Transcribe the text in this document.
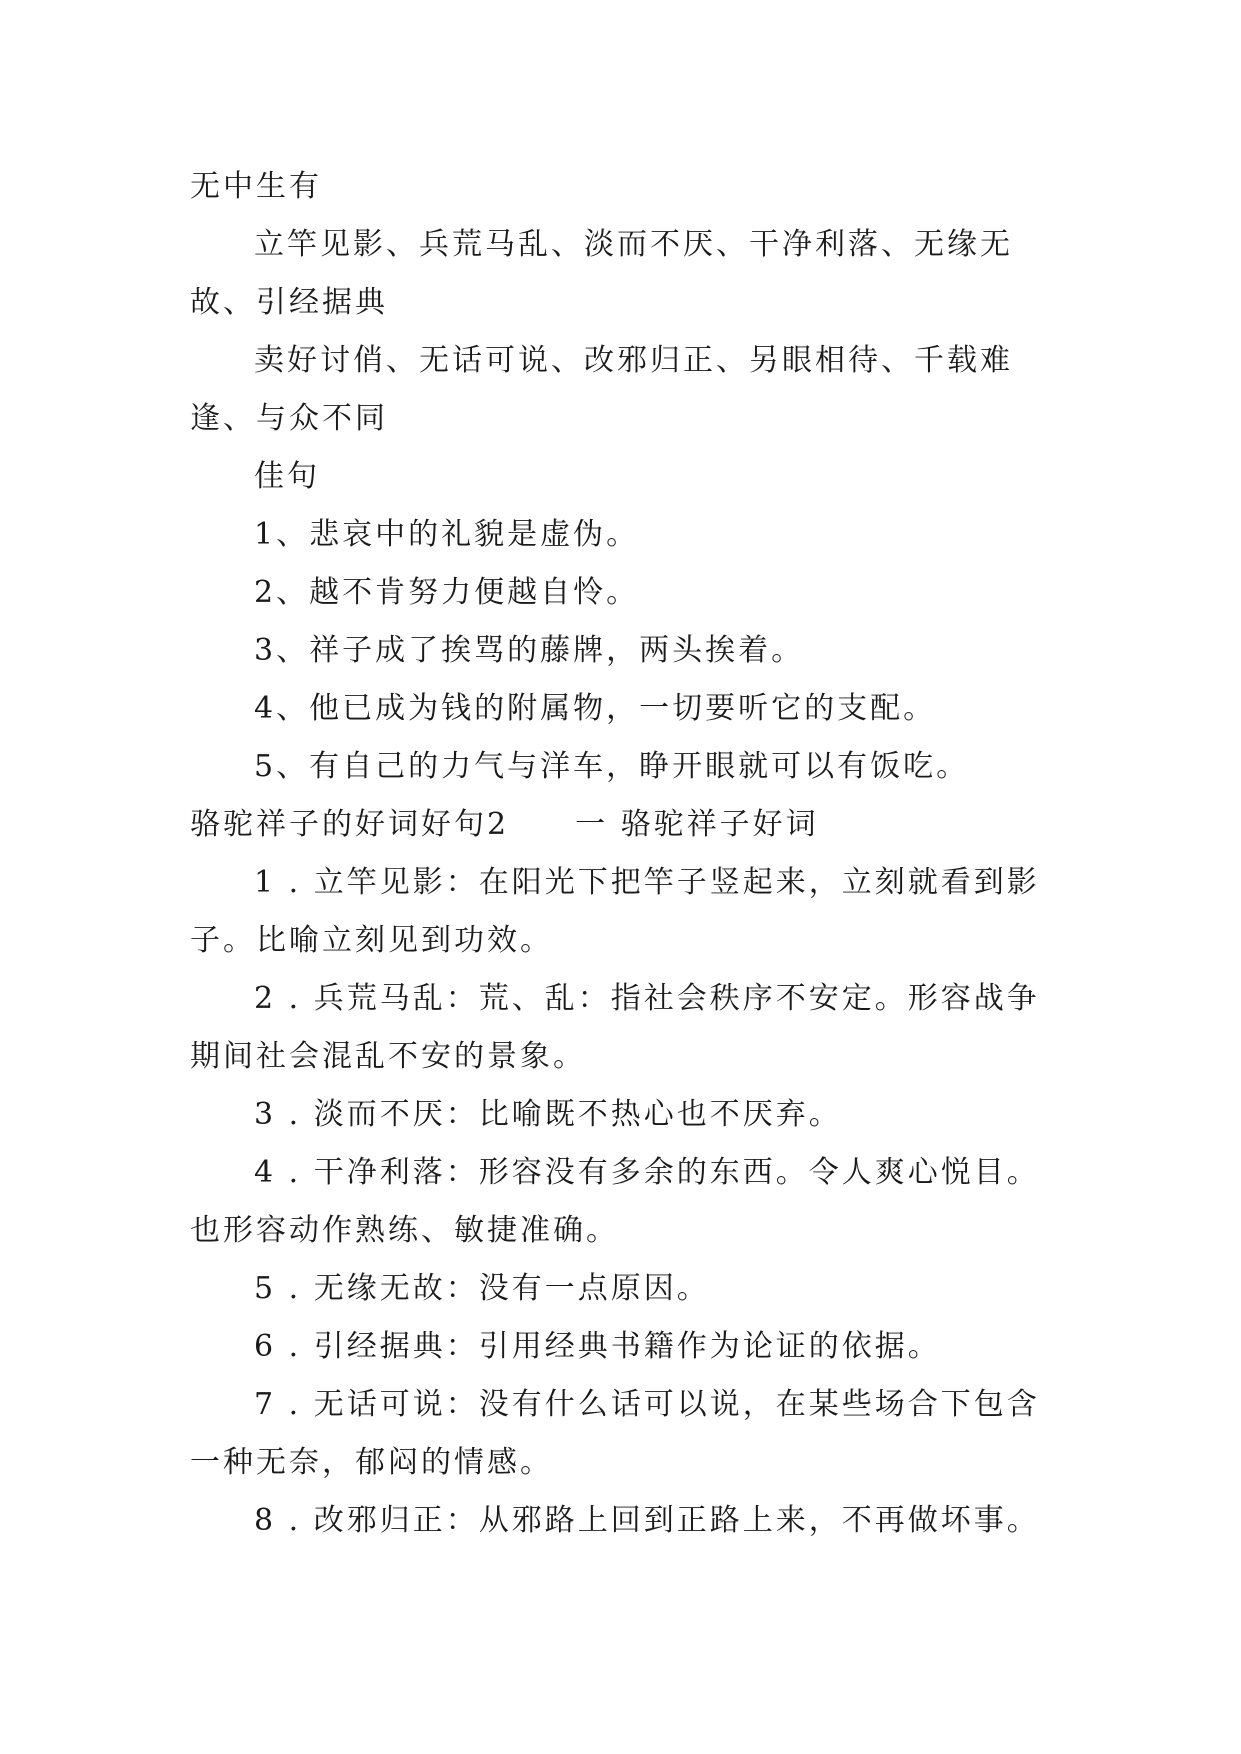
无中生有

立竿见影、兵荒马乱、淡而不厌、干净利落、无缘无故、引经据典

卖好讨俏、无话可说、改邪归正、另眼相待、千载难逢、与众不同

佳句

1、悲哀中的礼貌是虚伪。

2、越不肯努力便越自怜。

3、祥子成了挨骂的藤牌，两头挨着。

4、他已成为钱的附属物，一切要听它的支配。

5、有自己的力气与洋车，睁开眼就可以有饭吃。

骆驼祥子的好词好句2　　一 骆驼祥子好词

1 . 立竿见影：在阳光下把竿子竖起来，立刻就看到影子。比喻立刻见到功效。

2 . 兵荒马乱：荒、乱：指社会秩序不安定。形容战争期间社会混乱不安的景象。

3 . 淡而不厌：比喻既不热心也不厌弃。

4 . 干净利落：形容没有多余的东西。令人爽心悦目。也形容动作熟练、敏捷准确。

5 . 无缘无故：没有一点原因。

6 . 引经据典：引用经典书籍作为论证的依据。

7 . 无话可说：没有什么话可以说，在某些场合下包含一种无奈，郁闷的情感。

8 . 改邪归正：从邪路上回到正路上来，不再做坏事。
